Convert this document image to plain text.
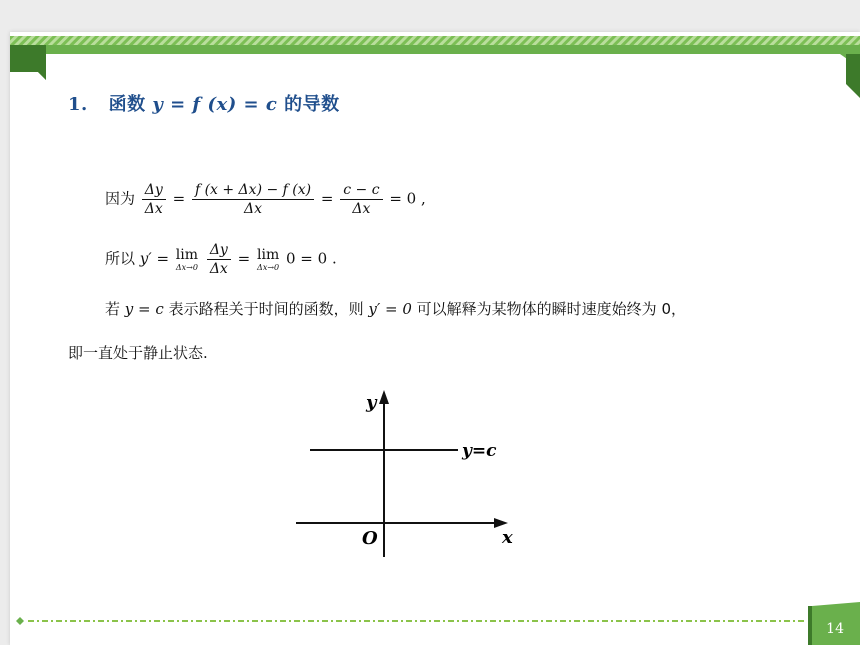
1. 函数 y = f (x) = c 的导数
因为 $\frac{\Delta y}{\Delta x} = \frac{f (x + \Delta x) - f (x)}{\Delta x} = \frac{c - c}{\Delta x} = 0$ ,
所以 y′ = lim
Δx→0
$\frac{\Delta y}{\Delta x} = \lim$
Δx→0 0 = 0 .
若 y = c 表示路程关于时间的函数，则 y′ = 0 可以解释为某物体的瞬时速度始终为 0，
即一直处于静止状态.
y
x
O
y=c
14
